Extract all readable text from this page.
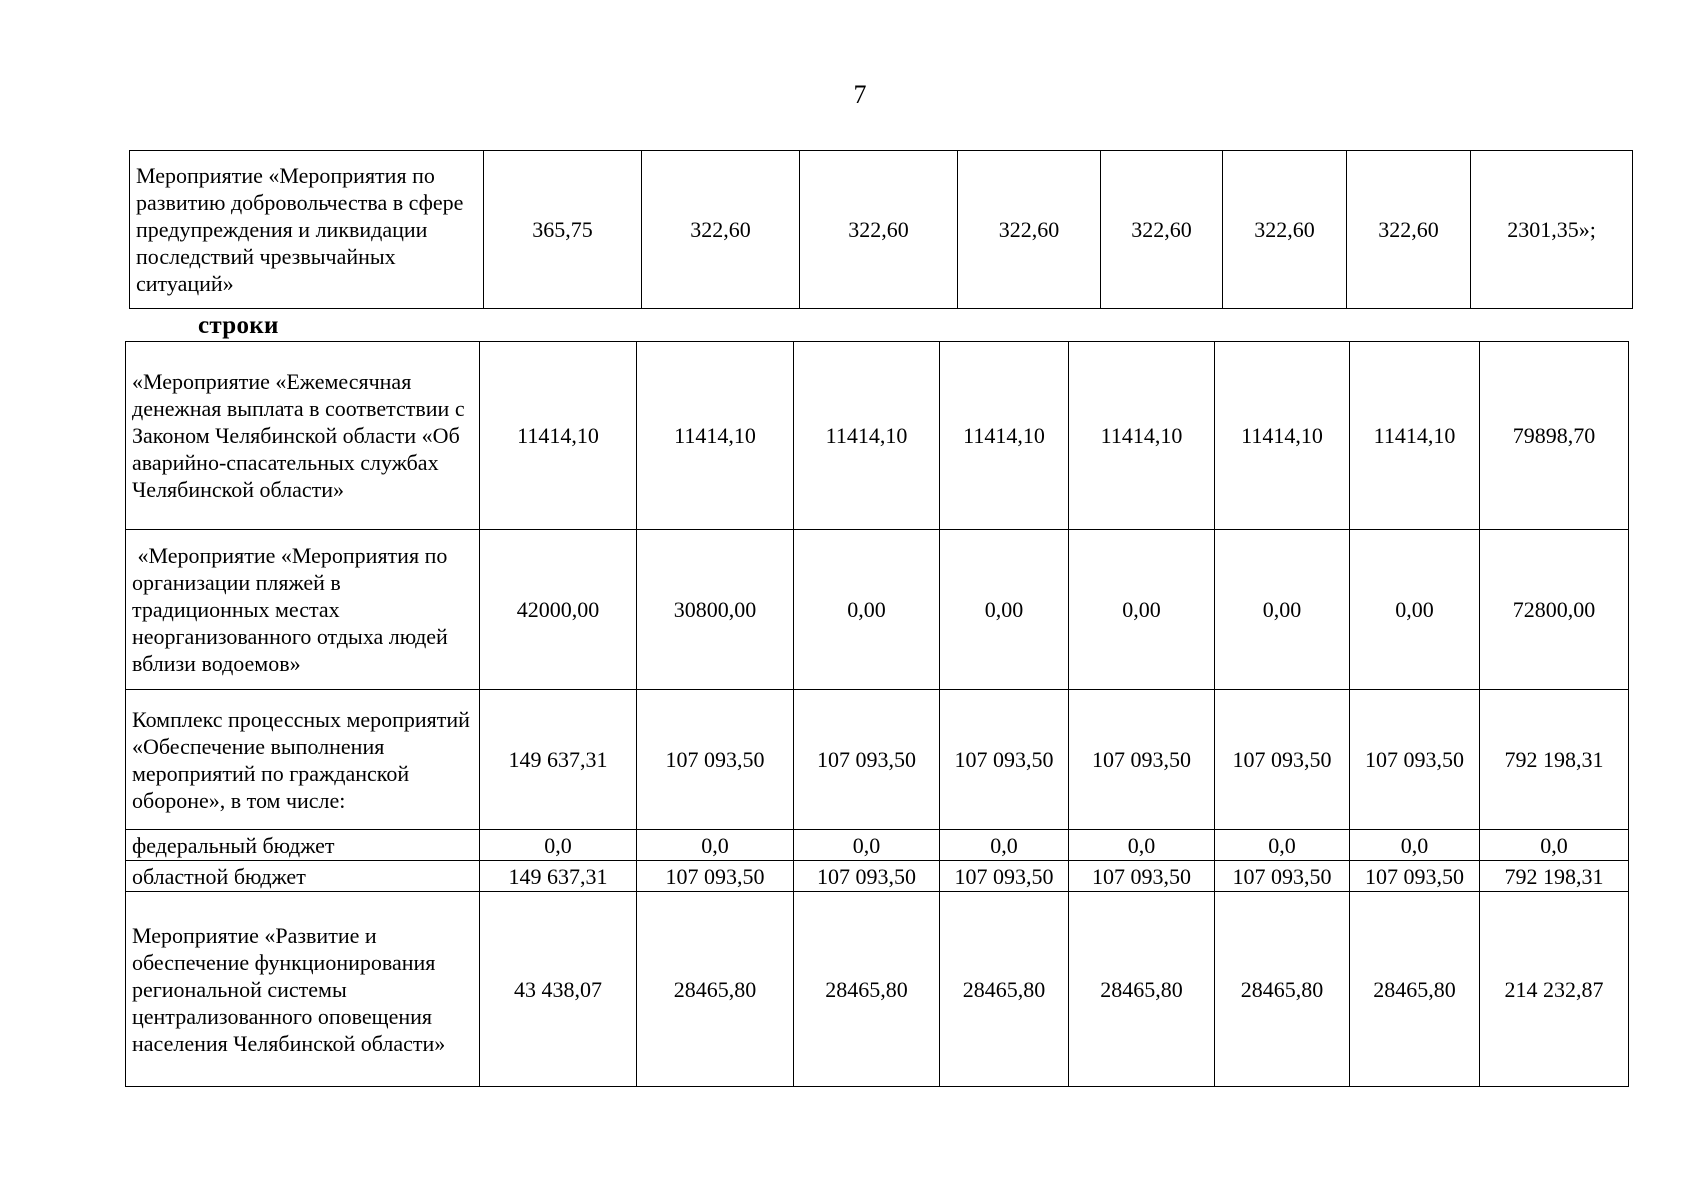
7
Мероприятие «Мероприятия по развитию добровольчества в сфере предупреждения и ликвидации последствий чрезвычайных ситуаций»	365,75	322,60	322,60	322,60	322,60	322,60	322,60	2301,35»;
строки
«Мероприятие «Ежемесячная денежная выплата в соответствии с Законом Челябинской области «Об аварийно-спасательных службах Челябинской области»	11414,10	11414,10	11414,10	11414,10	11414,10	11414,10	11414,10	79898,70
«Мероприятие «Мероприятия по организации пляжей в традиционных местах неорганизованного отдыха людей вблизи водоемов»	42000,00	30800,00	0,00	0,00	0,00	0,00	0,00	72800,00
Комплекс процессных мероприятий «Обеспечение выполнения мероприятий по гражданской обороне», в том числе:	149 637,31	107 093,50	107 093,50	107 093,50	107 093,50	107 093,50	107 093,50	792 198,31
федеральный бюджет	0,0	0,0	0,0	0,0	0,0	0,0	0,0	0,0
областной бюджет	149 637,31	107 093,50	107 093,50	107 093,50	107 093,50	107 093,50	107 093,50	792 198,31
Мероприятие «Развитие и обеспечение функционирования региональной системы централизованного оповещения населения Челябинской области»	43 438,07	28465,80	28465,80	28465,80	28465,80	28465,80	28465,80	214 232,87
